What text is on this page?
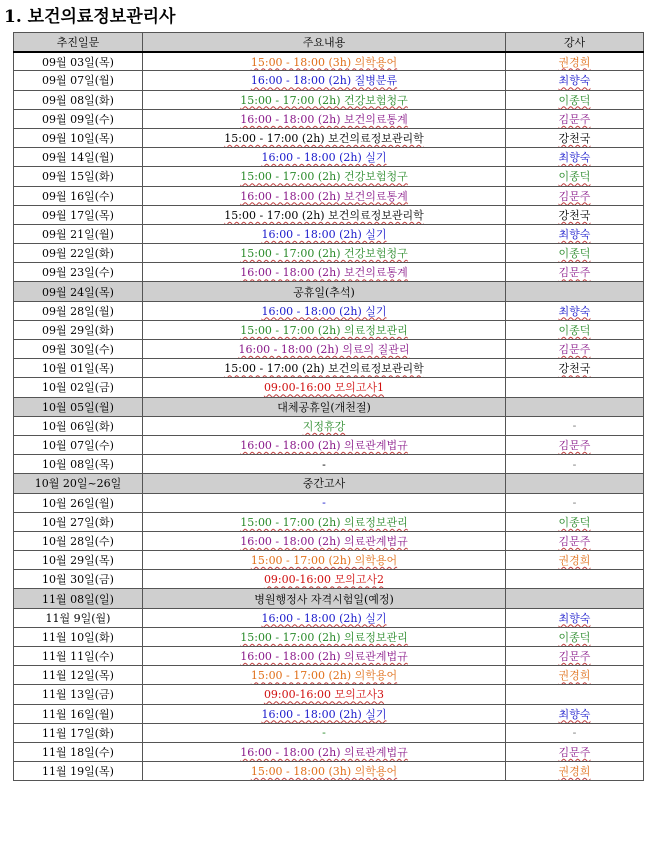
1. 보건의료정보관리사
추진일문	주요내용	강사
09월 03일(목)	15:00 - 18:00 (3h) 의학용어	권경희
09월 07일(월)	16:00 - 18:00 (2h) 질병분류	최향숙
09월 08일(화)	15:00 - 17:00 (2h) 건강보험청구	이종덕
09월 09일(수)	16:00 - 18:00 (2h) 보건의료통계	김문주
09월 10일(목)	15:00 - 17:00 (2h) 보건의료정보관리학	강천국
09월 14일(월)	16:00 - 18:00 (2h) 실기	최향숙
09월 15일(화)	15:00 - 17:00 (2h) 건강보험청구	이종덕
09월 16일(수)	16:00 - 18:00 (2h) 보건의료통계	김문주
09월 17일(목)	15:00 - 17:00 (2h) 보건의료정보관리학	강천국
09월 21일(월)	16:00 - 18:00 (2h) 실기	최향숙
09월 22일(화)	15:00 - 17:00 (2h) 건강보험청구	이종덕
09월 23일(수)	16:00 - 18:00 (2h) 보건의료통계	김문주
09월 24일(목)	공휴일(추석)	
09월 28일(월)	16:00 - 18:00 (2h) 실기	최향숙
09월 29일(화)	15:00 - 17:00 (2h) 의료정보관리	이종덕
09월 30일(수)	16:00 - 18:00 (2h) 의료의 질관리	김문주
10월 01일(목)	15:00 - 17:00 (2h) 보건의료정보관리학	강천국
10월 02일(금)	09:00-16:00 모의고사1	
10월 05일(월)	대체공휴일(개천절)	
10월 06일(화)	지정휴강	-
10월 07일(수)	16:00 - 18:00 (2h) 의료관계법규	김문주
10월 08일(목)	-	-
10월 20일~26일	중간고사	
10월 26일(월)	-	-
10월 27일(화)	15:00 - 17:00 (2h) 의료정보관리	이종덕
10월 28일(수)	16:00 - 18:00 (2h) 의료관계법규	김문주
10월 29일(목)	15:00 - 17:00 (2h) 의학용어	권경희
10월 30일(금)	09:00-16:00 모의고사2	
11월 08일(일)	병원행정사 자격시험일(예정)	
11월 9일(월)	16:00 - 18:00 (2h) 실기	최향숙
11월 10일(화)	15:00 - 17:00 (2h) 의료정보관리	이종덕
11월 11일(수)	16:00 - 18:00 (2h) 의료관계법규	김문주
11월 12일(목)	15:00 - 17:00 (2h) 의학용어	권경희
11월 13일(금)	09:00-16:00 모의고사3	
11월 16일(월)	16:00 - 18:00 (2h) 실기	최향숙
11월 17일(화)	-	-
11월 18일(수)	16:00 - 18:00 (2h) 의료관계법규	김문주
11월 19일(목)	15:00 - 18:00 (3h) 의학용어	권경희
